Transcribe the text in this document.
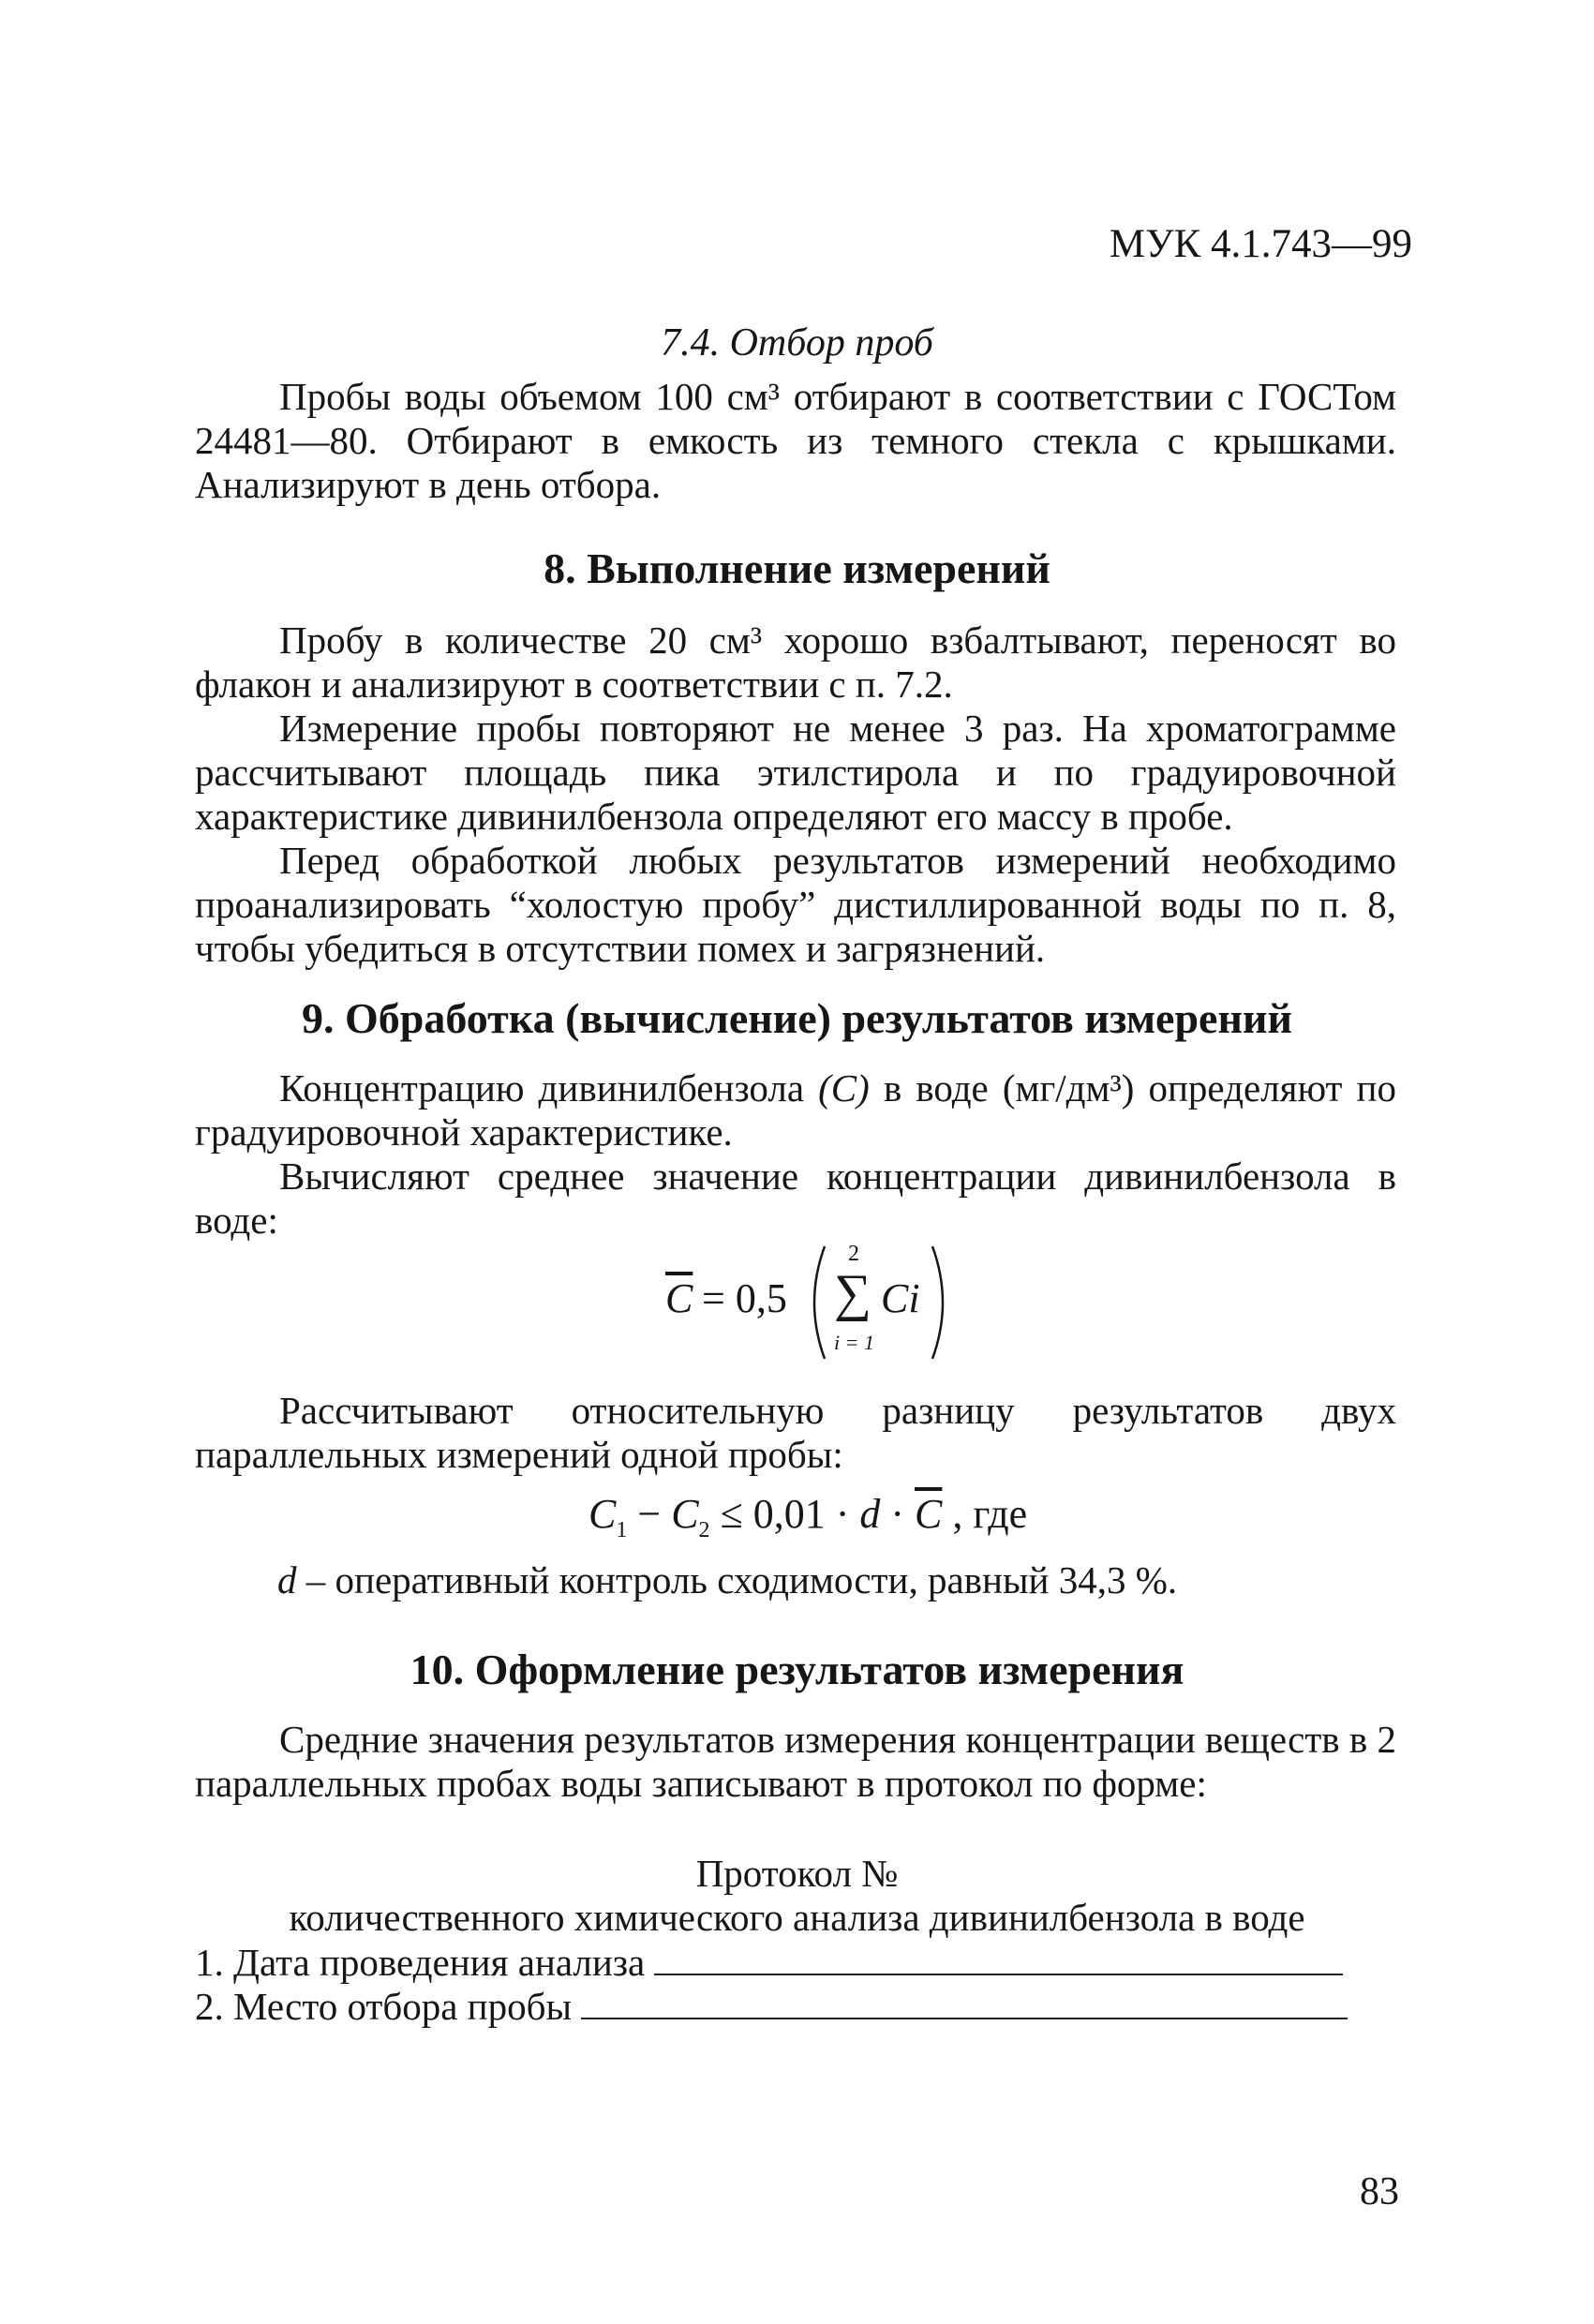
МУК 4.1.743—99
7.4. Отбор проб

Пробы воды объемом 100 см³ отбирают в соответствии с ГОСТом 24481—80. Отбирают в емкость из темного стекла с крышками. Анализируют в день отбора.

8. Выполнение измерений

Пробу в количестве 20 см³ хорошо взбалтывают, переносят во флакон и анализируют в соответствии с п. 7.2.

Измерение пробы повторяют не менее 3 раз. На хроматограмме рассчитывают площадь пика этилстирола и по градуировочной характеристике дивинилбензола определяют его массу в пробе.

Перед обработкой любых результатов измерений необходимо проанализировать “холостую пробу” дистиллированной воды по п. 8, чтобы убедиться в отсутствии помех и загрязнений.

9. Обработка (вычисление) результатов измерений

Концентрацию дивинилбензола (C) в воде (мг/дм³) определяют по градуировочной характеристике.

Вычисляют среднее значение концентрации дивинилбензола в воде:

$\overline{C}$
= 0,5
2
∑
i = 1
Ci

Рассчитывают относительную разницу результатов двух параллельных измерений одной пробы:

$C_1 - C_2 \le 0,01 \cdot d \cdot \overline{C}$ , где

d – оперативный контроль сходимости, равный 34,3 %.

10. Оформление результатов измерения

Средние значения результатов измерения концентрации веществ в 2 параллельных пробах воды записывают в протокол по форме:

Протокол №
количественного химического анализа дивинилбензола в воде
1. Дата проведения анализа
2. Место отбора пробы
83
